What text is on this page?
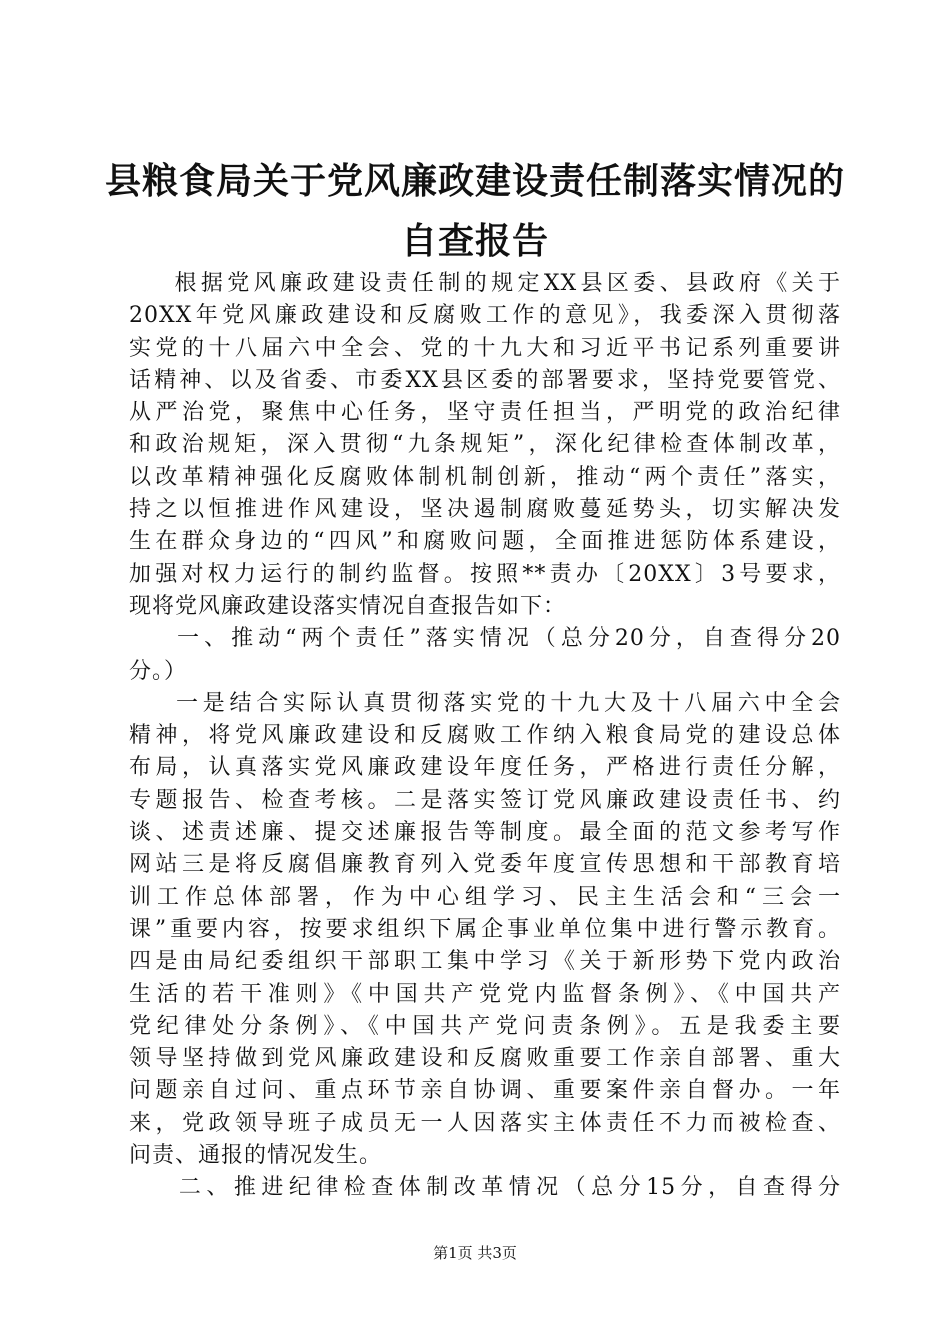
县粮食局关于党风廉政建设责任制落实情况的
自查报告
根据党风廉政建设责任制的规定XX县区委、县政府《关于
20XX年党风廉政建设和反腐败工作的意见》，我委深入贯彻落
实党的十八届六中全会、党的十九大和习近平书记系列重要讲
话精神、以及省委、市委XX县区委的部署要求，坚持党要管党、
从严治党，聚焦中心任务，坚守责任担当，严明党的政治纪律
和政治规矩，深入贯彻“九条规矩”，深化纪律检查体制改革，
以改革精神强化反腐败体制机制创新，推动“两个责任”落实，
持之以恒推进作风建设，坚决遏制腐败蔓延势头，切实解决发
生在群众身边的“四风”和腐败问题，全面推进惩防体系建设，
加强对权力运行的制约监督。按照**责办〔20XX〕3号要求，
现将党风廉政建设落实情况自查报告如下：
一、推动“两个责任”落实情况（总分20分，自查得分20
分。）
一是结合实际认真贯彻落实党的十九大及十八届六中全会
精神，将党风廉政建设和反腐败工作纳入粮食局党的建设总体
布局，认真落实党风廉政建设年度任务，严格进行责任分解，
专题报告、检查考核。二是落实签订党风廉政建设责任书、约
谈、述责述廉、提交述廉报告等制度。最全面的范文参考写作
网站三是将反腐倡廉教育列入党委年度宣传思想和干部教育培
训工作总体部署，作为中心组学习、民主生活会和“三会一
课”重要内容，按要求组织下属企事业单位集中进行警示教育。
四是由局纪委组织干部职工集中学习《关于新形势下党内政治
生活的若干准则》《中国共产党党内监督条例》、《中国共产
党纪律处分条例》、《中国共产党问责条例》。五是我委主要
领导坚持做到党风廉政建设和反腐败重要工作亲自部署、重大
问题亲自过问、重点环节亲自协调、重要案件亲自督办。一年
来，党政领导班子成员无一人因落实主体责任不力而被检查、
问责、通报的情况发生。
二、推进纪律检查体制改革情况（总分15分，自查得分
第1页 共3页
